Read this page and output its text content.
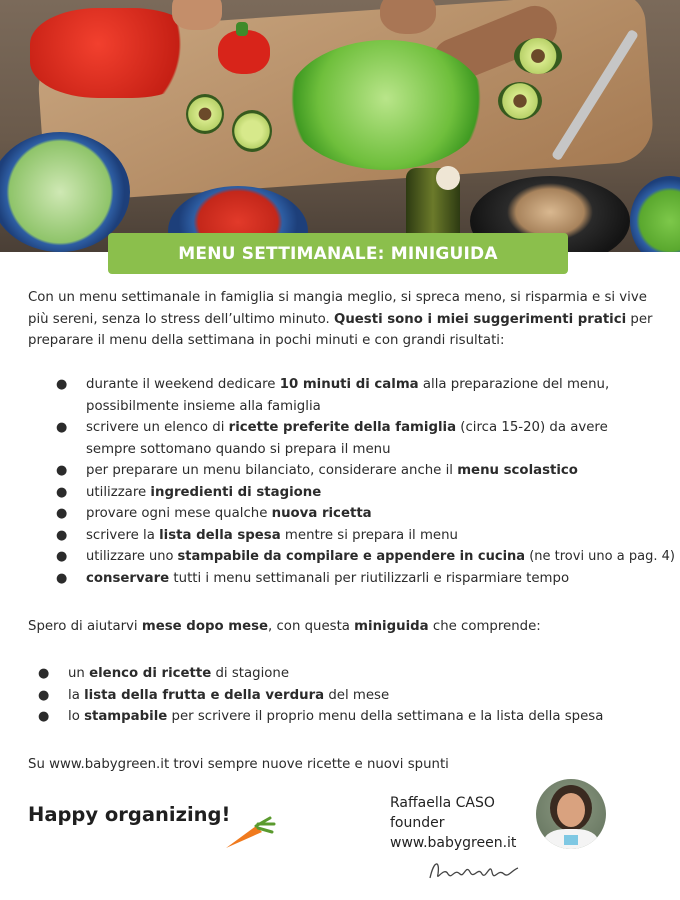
MENU SETTIMANALE: MINIGUIDA
Con un menu settimanale in famiglia si mangia meglio, si spreca meno, si risparmia e si vive più sereni, senza lo stress dell’ultimo minuto. Questi sono i miei suggerimenti pratici per preparare il menu della settimana in pochi minuti e con grandi risultati:
● durante il weekend dedicare 10 minuti di calma alla preparazione del menu, possibilmente insieme alla famiglia
● scrivere un elenco di ricette preferite della famiglia (circa 15-20) da avere sempre sottomano quando si prepara il menu
● per preparare un menu bilanciato, considerare anche il menu scolastico
● utilizzare ingredienti di stagione
● provare ogni mese qualche nuova ricetta
● scrivere la lista della spesa mentre si prepara il menu
● utilizzare uno stampabile da compilare e appendere in cucina (ne trovi uno a pag. 4)
● conservare tutti i menu settimanali per riutilizzarli e risparmiare tempo
Spero di aiutarvi mese dopo mese, con questa miniguida che comprende:
● un elenco di ricette di stagione
● la lista della frutta e della verdura del mese
● lo stampabile per scrivere il proprio menu della settimana e la lista della spesa
Su www.babygreen.it trovi sempre nuove ricette e nuovi spunti
Happy organizing!	Raffaella CASO
founder
www.babygreen.it
